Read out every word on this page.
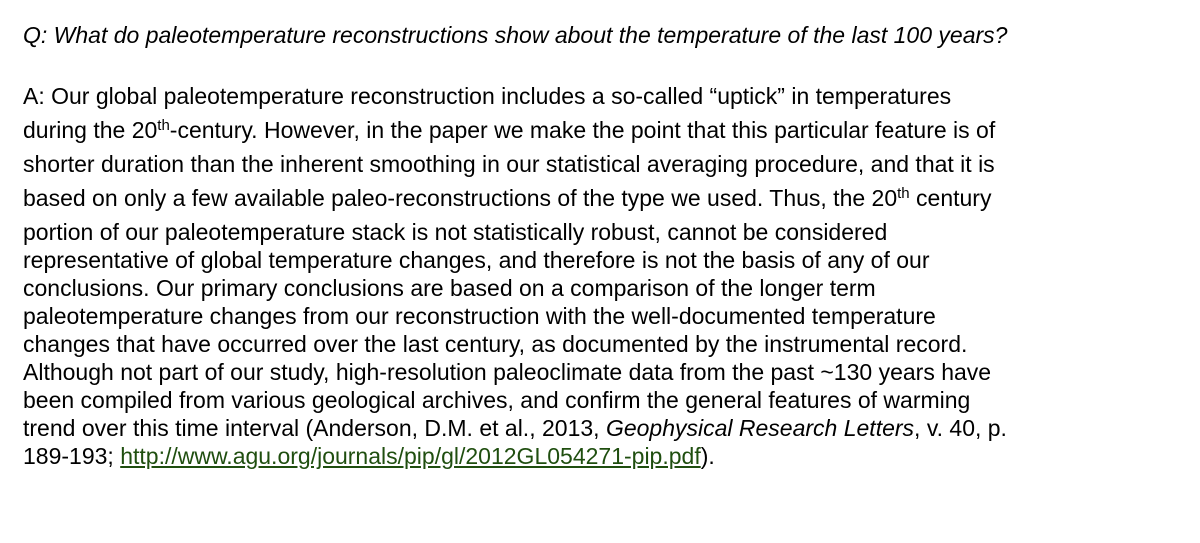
Q: What do paleotemperature reconstructions show about the temperature of the last 100 years?

A: Our global paleotemperature reconstruction includes a so-called “uptick” in temperatures
during the 20th-century. However, in the paper we make the point that this particular feature is of
shorter duration than the inherent smoothing in our statistical averaging procedure, and that it is
based on only a few available paleo-reconstructions of the type we used. Thus, the 20th century
portion of our paleotemperature stack is not statistically robust, cannot be considered
representative of global temperature changes, and therefore is not the basis of any of our
conclusions. Our primary conclusions are based on a comparison of the longer term
paleotemperature changes from our reconstruction with the well-documented temperature
changes that have occurred over the last century, as documented by the instrumental record.
Although not part of our study, high-resolution paleoclimate data from the past ~130 years have
been compiled from various geological archives, and confirm the general features of warming
trend over this time interval (Anderson, D.M. et al., 2013, Geophysical Research Letters, v. 40, p.
189-193; http://www.agu.org/journals/pip/gl/2012GL054271-pip.pdf).
